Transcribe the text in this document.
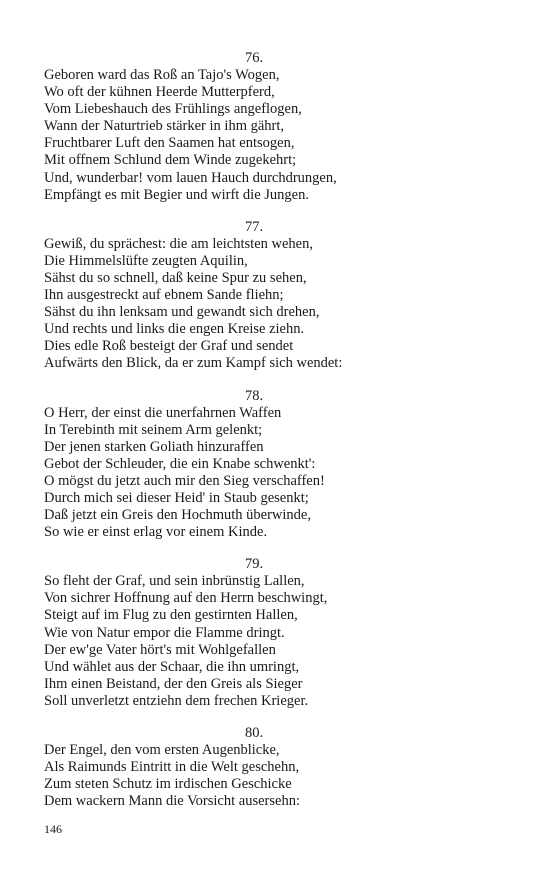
76.
Geboren ward das Roß an Tajo's Wogen,
Wo oft der kühnen Heerde Mutterpferd,
Vom Liebeshauch des Frühlings angeflogen,
Wann der Naturtrieb stärker in ihm gährt,
Fruchtbarer Luft den Saamen hat entsogen,
Mit offnem Schlund dem Winde zugekehrt;
Und, wunderbar! vom lauen Hauch durchdrungen,
Empfängt es mit Begier und wirft die Jungen.
77.
Gewiß, du sprächest: die am leichtsten wehen,
Die Himmelslüfte zeugten Aquilin,
Sähst du so schnell, daß keine Spur zu sehen,
Ihn ausgestreckt auf ebnem Sande fliehn;
Sähst du ihn lenksam und gewandt sich drehen,
Und rechts und links die engen Kreise ziehn.
Dies edle Roß besteigt der Graf und sendet
Aufwärts den Blick, da er zum Kampf sich wendet:
78.
O Herr, der einst die unerfahrnen Waffen
In Terebinth mit seinem Arm gelenkt;
Der jenen starken Goliath hinzuraffen
Gebot der Schleuder, die ein Knabe schwenkt':
O mögst du jetzt auch mir den Sieg verschaffen!
Durch mich sei dieser Heid' in Staub gesenkt;
Daß jetzt ein Greis den Hochmuth überwinde,
So wie er einst erlag vor einem Kinde.
79.
So fleht der Graf, und sein inbrünstig Lallen,
Von sichrer Hoffnung auf den Herrn beschwingt,
Steigt auf im Flug zu den gestirnten Hallen,
Wie von Natur empor die Flamme dringt.
Der ew'ge Vater hört's mit Wohlgefallen
Und wählet aus der Schaar, die ihn umringt,
Ihm einen Beistand, der den Greis als Sieger
Soll unverletzt entziehn dem frechen Krieger.
80.
Der Engel, den vom ersten Augenblicke,
Als Raimunds Eintritt in die Welt geschehn,
Zum steten Schutz im irdischen Geschicke
Dem wackern Mann die Vorsicht ausersehn:
146
